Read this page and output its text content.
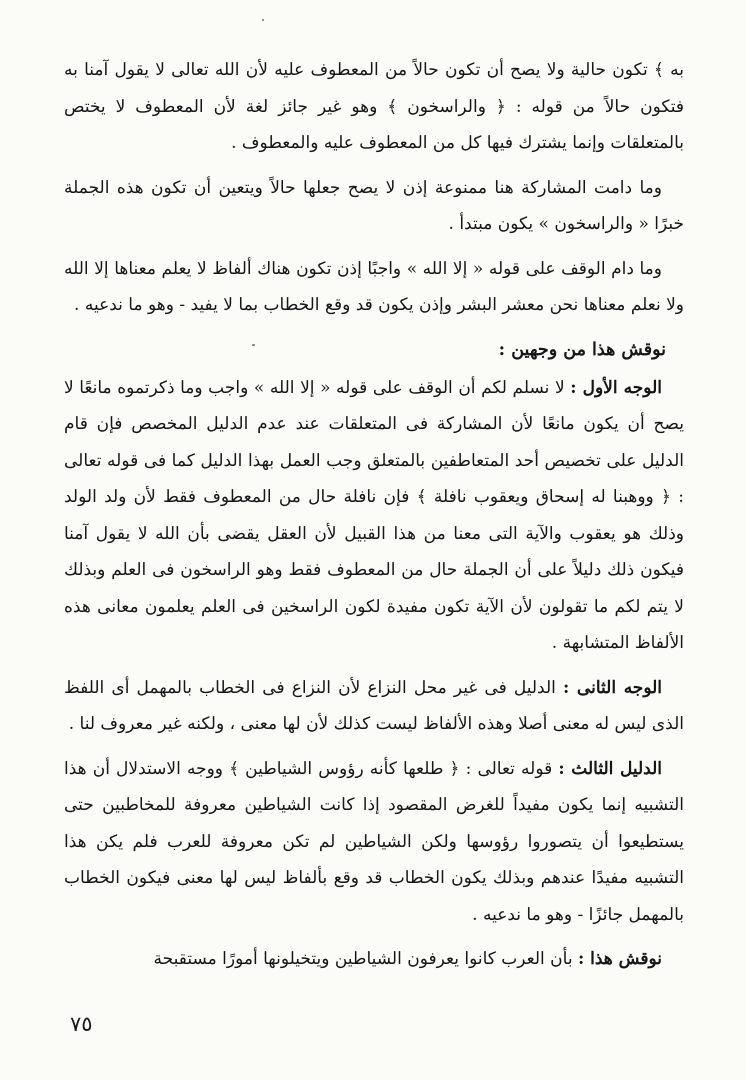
به ﴾ تكون حالية ولا يصح أن تكون حالاً من المعطوف عليه لأن الله تعالى لا يقول آمنا به فتكون حالاً من قوله : ﴿ والراسخون ﴾ وهو غير جائز لغة لأن المعطوف لا يختص بالمتعلقات وإنما يشترك فيها كل من المعطوف عليه والمعطوف .

وما دامت المشاركة هنا ممنوعة إذن لا يصح جعلها حالاً ويتعين أن تكون هذه الجملة خبرًا « والراسخون » يكون مبتدأ .

وما دام الوقف على قوله « إلا الله » واجبًا إذن تكون هناك ألفاظ لا يعلم معناها إلا الله ولا نعلم معناها نحن معشر البشر وإذن يكون قد وقع الخطاب بما لا يفيد - وهو ما ندعيه .

نوقش هذا من وجهين :

الوجه الأول : لا نسلم لكم أن الوقف على قوله « إلا الله » واجب وما ذكرتموه مانعًا لا يصح أن يكون مانعًا لأن المشاركة فى المتعلقات عند عدم الدليل المخصص فإن قام الدليل على تخصيص أحد المتعاطفين بالمتعلق وجب العمل بهذا الدليل كما فى قوله تعالى : ﴿ ووهبنا له إسحاق ويعقوب نافلة ﴾ فإن نافلة حال من المعطوف فقط لأن ولد الولد وذلك هو يعقوب والآية التى معنا من هذا القبيل لأن العقل يقضى بأن الله لا يقول آمنا فيكون ذلك دليلاً على أن الجملة حال من المعطوف فقط وهو الراسخون فى العلم وبذلك لا يتم لكم ما تقولون لأن الآية تكون مفيدة لكون الراسخين فى العلم يعلمون معانى هذه الألفاظ المتشابهة .

الوجه الثانى : الدليل فى غير محل النزاع لأن النزاع فى الخطاب بالمهمل أى اللفظ الذى ليس له معنى أصلا وهذه الألفاظ ليست كذلك لأن لها معنى ، ولكنه غير معروف لنا .

الدليل الثالث : قوله تعالى : ﴿ طلعها كأنه رؤوس الشياطين ﴾ ووجه الاستدلال أن هذا التشبيه إنما يكون مفيداً للغرض المقصود إذا كانت الشياطين معروفة للمخاطبين حتى يستطيعوا أن يتصوروا رؤوسها ولكن الشياطين لم تكن معروفة للعرب فلم يكن هذا التشبيه مفيدًا عندهم وبذلك يكون الخطاب قد وقع بألفاظ ليس لها معنى فيكون الخطاب بالمهمل جائزًا - وهو ما ندعيه .

نوقش هذا : بأن العرب كانوا يعرفون الشياطين ويتخيلونها أمورًا مستقبحة

٧٥
